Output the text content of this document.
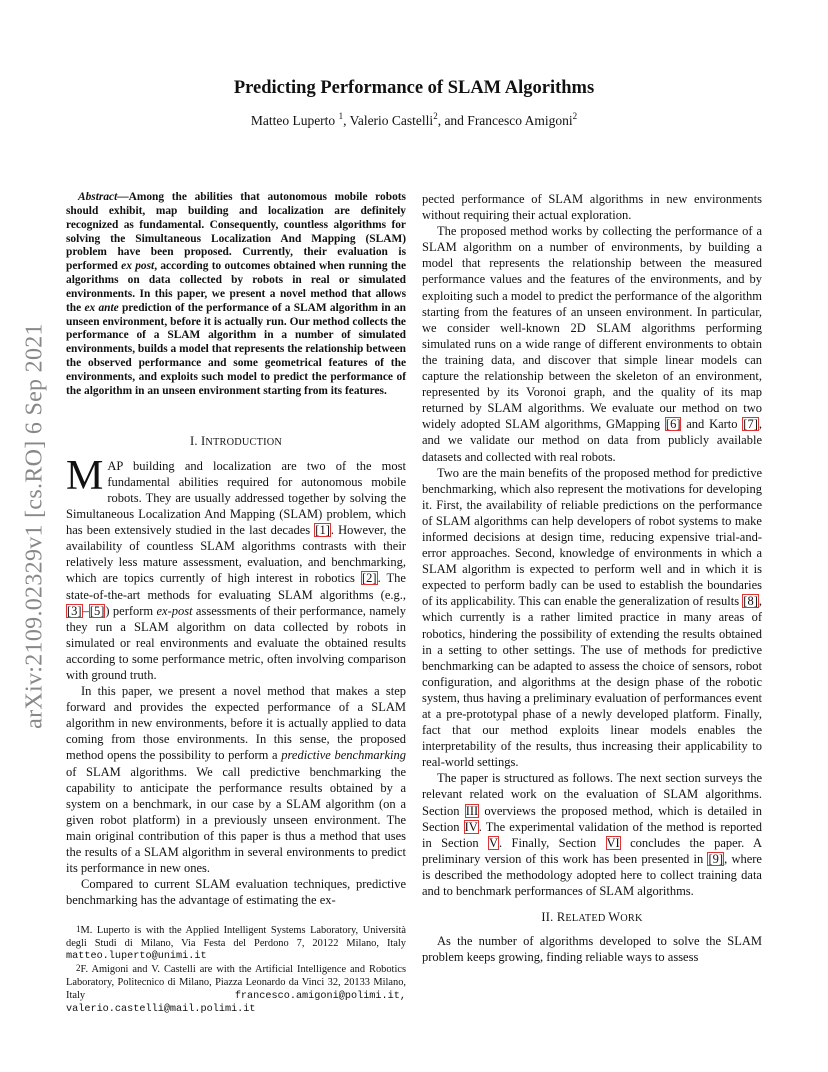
arXiv:2109.02329v1 [cs.RO] 6 Sep 2021
Predicting Performance of SLAM Algorithms
Matteo Luperto $^1$, Valerio Castelli$^2$, and Francesco Amigoni$^2$

Abstract—Among the abilities that autonomous mobile robots should exhibit, map building and localization are definitely recognized as fundamental. Consequently, countless algorithms for solving the Simultaneous Localization And Mapping (SLAM) problem have been proposed. Currently, their evaluation is performed ex post, according to outcomes obtained when running the algorithms on data collected by robots in real or simulated environments. In this paper, we present a novel method that allows the ex ante prediction of the performance of a SLAM algorithm in an unseen environment, before it is actually run. Our method collects the performance of a SLAM algorithm in a number of simulated environments, builds a model that represents the relationship between the observed performance and some geometrical features of the environments, and exploits such model to predict the performance of the algorithm in an unseen environment starting from its features.

I. INTRODUCTION

MAP building and localization are two of the most fundamental abilities required for autonomous mobile robots. They are usually addressed together by solving the Simultaneous Localization And Mapping (SLAM) problem, which has been extensively studied in the last decades [1]. However, the availability of countless SLAM algorithms contrasts with their relatively less mature assessment, evaluation, and benchmarking, which are topics currently of high interest in robotics [2]. The state-of-the-art methods for evaluating SLAM algorithms (e.g., [3]–[5]) perform ex-post assessments of their performance, namely they run a SLAM algorithm on data collected by robots in simulated or real environments and evaluate the obtained results according to some performance metric, often involving comparison with ground truth.

In this paper, we present a novel method that makes a step forward and provides the expected performance of a SLAM algorithm in new environments, before it is actually applied to data coming from those environments. In this sense, the proposed method opens the possibility to perform a predictive benchmarking of SLAM algorithms. We call predictive benchmarking the capability to anticipate the performance results obtained by a system on a benchmark, in our case by a SLAM algorithm (on a given robot platform) in a previously unseen environment. The main original contribution of this paper is thus a method that uses the results of a SLAM algorithm in several environments to predict its performance in new ones.

Compared to current SLAM evaluation techniques, predictive benchmarking has the advantage of estimating the ex-

$^1$M. Luperto is with the Applied Intelligent Systems Laboratory, Università degli Studi di Milano, Via Festa del Perdono 7, 20122 Milano, Italy matteo.luperto@unimi.it

$^2$F. Amigoni and V. Castelli are with the Artificial Intelligence and Robotics Laboratory, Politecnico di Milano, Piazza Leonardo da Vinci 32, 20133 Milano, Italy francesco.amigoni@polimi.it, valerio.castelli@mail.polimi.it

pected performance of SLAM algorithms in new environments without requiring their actual exploration.

The proposed method works by collecting the performance of a SLAM algorithm on a number of environments, by building a model that represents the relationship between the measured performance values and the features of the environments, and by exploiting such a model to predict the performance of the algorithm starting from the features of an unseen environment. In particular, we consider well-known 2D SLAM algorithms performing simulated runs on a wide range of different environments to obtain the training data, and discover that simple linear models can capture the relationship between the skeleton of an environment, represented by its Voronoi graph, and the quality of its map returned by SLAM algorithms. We evaluate our method on two widely adopted SLAM algorithms, GMapping [6] and Karto [7], and we validate our method on data from publicly available datasets and collected with real robots.

Two are the main benefits of the proposed method for predictive benchmarking, which also represent the motivations for developing it. First, the availability of reliable predictions on the performance of SLAM algorithms can help developers of robot systems to make informed decisions at design time, reducing expensive trial-and-error approaches. Second, knowledge of environments in which a SLAM algorithm is expected to perform well and in which it is expected to perform badly can be used to establish the boundaries of its applicability. This can enable the generalization of results [8], which currently is a rather limited practice in many areas of robotics, hindering the possibility of extending the results obtained in a setting to other settings. The use of methods for predictive benchmarking can be adapted to assess the choice of sensors, robot configuration, and algorithms at the design phase of the robotic system, thus having a preliminary evaluation of performances event at a pre-prototypal phase of a newly developed platform. Finally, fact that our method exploits linear models enables the interpretability of the results, thus increasing their applicability to real-world settings.

The paper is structured as follows. The next section surveys the relevant related work on the evaluation of SLAM algorithms. Section III overviews the proposed method, which is detailed in Section IV. The experimental validation of the method is reported in Section V. Finally, Section VI concludes the paper. A preliminary version of this work has been presented in [9], where is described the methodology adopted here to collect training data and to benchmark performances of SLAM algorithms.

II. RELATED WORK

As the number of algorithms developed to solve the SLAM problem keeps growing, finding reliable ways to assess
